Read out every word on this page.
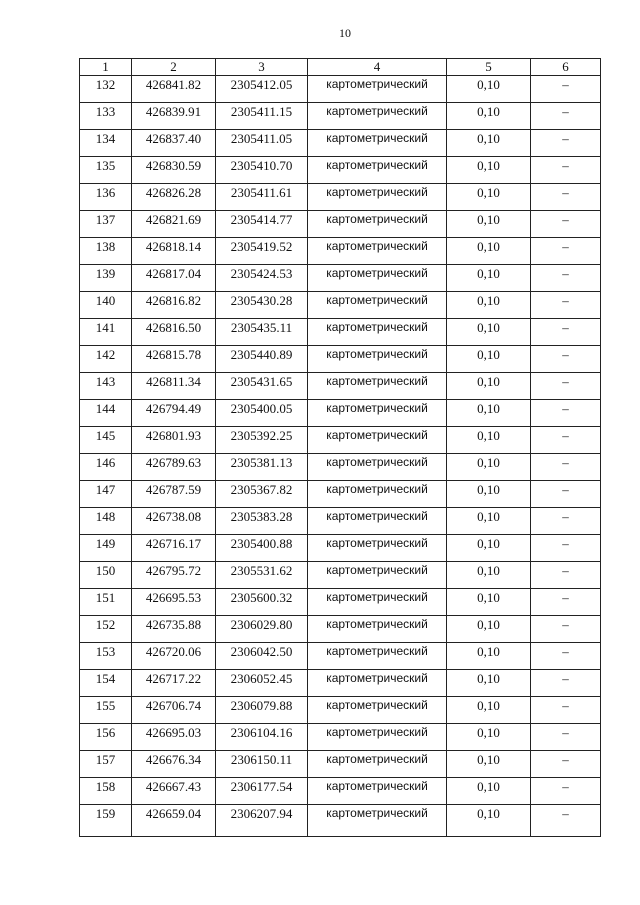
10
1	2	3	4	5	6
132	426841.82	2305412.05	картометрический	0,10	–
133	426839.91	2305411.15	картометрический	0,10	–
134	426837.40	2305411.05	картометрический	0,10	–
135	426830.59	2305410.70	картометрический	0,10	–
136	426826.28	2305411.61	картометрический	0,10	–
137	426821.69	2305414.77	картометрический	0,10	–
138	426818.14	2305419.52	картометрический	0,10	–
139	426817.04	2305424.53	картометрический	0,10	–
140	426816.82	2305430.28	картометрический	0,10	–
141	426816.50	2305435.11	картометрический	0,10	–
142	426815.78	2305440.89	картометрический	0,10	–
143	426811.34	2305431.65	картометрический	0,10	–
144	426794.49	2305400.05	картометрический	0,10	–
145	426801.93	2305392.25	картометрический	0,10	–
146	426789.63	2305381.13	картометрический	0,10	–
147	426787.59	2305367.82	картометрический	0,10	–
148	426738.08	2305383.28	картометрический	0,10	–
149	426716.17	2305400.88	картометрический	0,10	–
150	426795.72	2305531.62	картометрический	0,10	–
151	426695.53	2305600.32	картометрический	0,10	–
152	426735.88	2306029.80	картометрический	0,10	–
153	426720.06	2306042.50	картометрический	0,10	–
154	426717.22	2306052.45	картометрический	0,10	–
155	426706.74	2306079.88	картометрический	0,10	–
156	426695.03	2306104.16	картометрический	0,10	–
157	426676.34	2306150.11	картометрический	0,10	–
158	426667.43	2306177.54	картометрический	0,10	–
159	426659.04	2306207.94	картометрический	0,10	–
